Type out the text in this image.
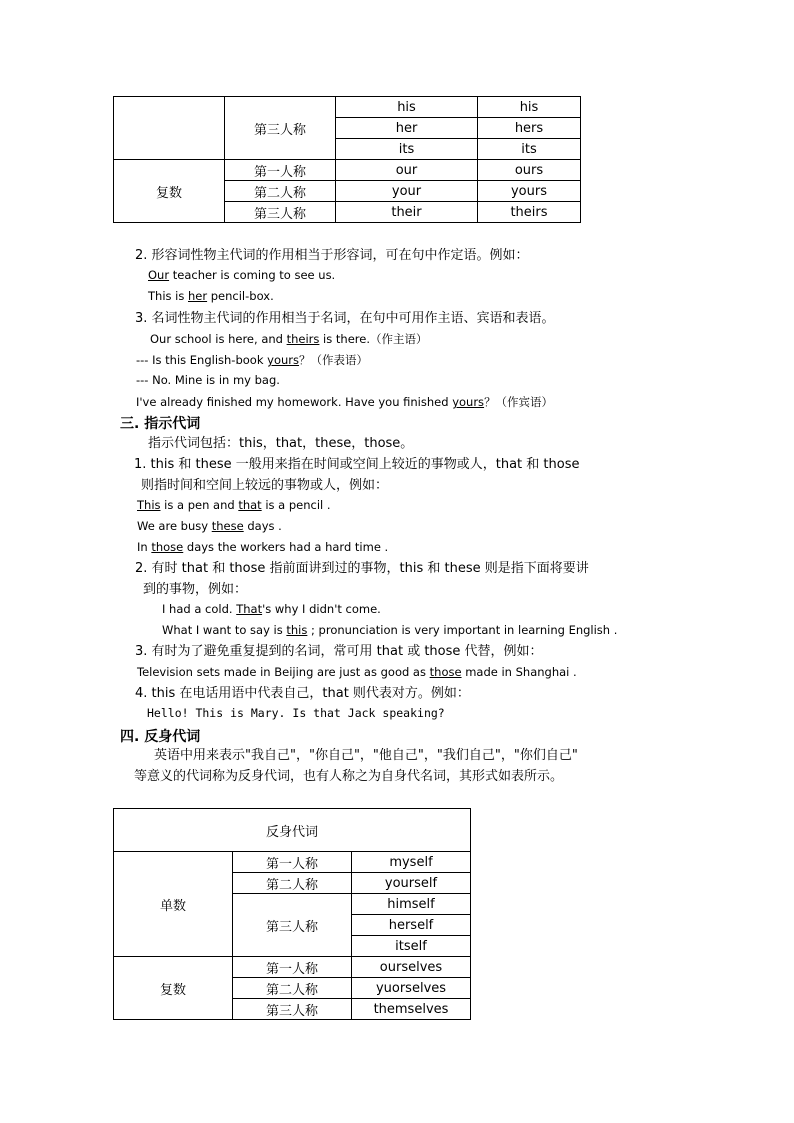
	第三人称	his	his
		her	hers
		its	its
复数	第一人称	our	ours
	第二人称	your	yours
	第三人称	their	theirs
2. 形容词性物主代词的作用相当于形容词，可在句中作定语。例如：
Our teacher is coming to see us.
This is her pencil-box.
3. 名词性物主代词的作用相当于名词，在句中可用作主语、宾语和表语。
Our school is here, and theirs is there.（作主语）
--- Is this English-book yours？（作表语）
--- No. Mine is in my bag.
I've already finished my homework. Have you finished yours？（作宾语）
三. 指示代词
指示代词包括：this，that，these，those。
1. this 和 these 一般用来指在时间或空间上较近的事物或人，that 和 those
则指时间和空间上较远的事物或人，例如：
This is a pen and that is a pencil .
We are busy these days .
In those days the workers had a hard time .
2. 有时 that 和 those 指前面讲到过的事物，this 和 these 则是指下面将要讲
到的事物，例如：
I had a cold. That's why I didn't come.
What I want to say is this ; pronunciation is very important in learning English .
3. 有时为了避免重复提到的名词，常可用 that 或 those 代替，例如：
Television sets made in Beijing are just as good as those made in Shanghai .
4. this 在电话用语中代表自己，that 则代表对方。例如：
Hello! This is Mary. Is that Jack speaking?
四. 反身代词
英语中用来表示"我自己"，"你自己"，"他自己"，"我们自己"，"你们自己"
等意义的代词称为反身代词，也有人称之为自身代名词，其形式如表所示。
反身代词		
单数	第一人称	myself
	第二人称	yourself
	第三人称	himself
		herself
		itself
复数	第一人称	ourselves
	第二人称	yuorselves
	第三人称	themselves
